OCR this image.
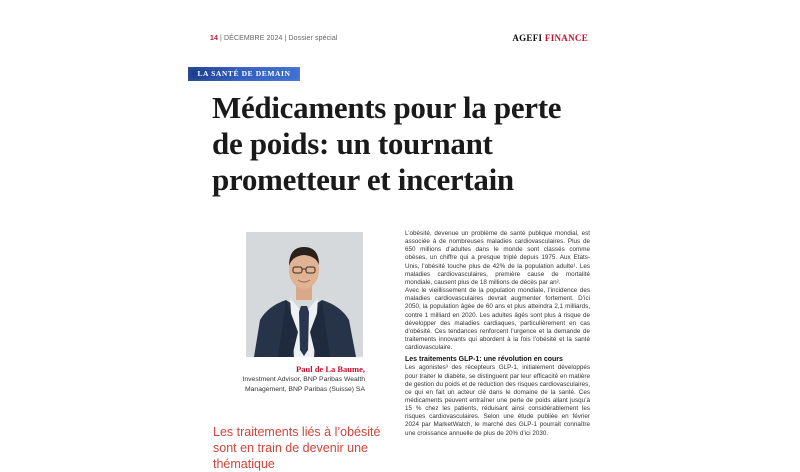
14 | DÉCEMBRE 2024 | Dossier spécial	AGEFI FINANCE
LA SANTÉ DE DEMAIN
Médicaments pour la perte de poids: un tournant prometteur et incertain
Paul de La Baume,
Investment Advisor, BNP Paribas Wealth Management, BNP Paribas (Suisse) SA
Les traitements liés à l’obésité sont en train de devenir une thématique

L’obésité, devenue un problème de santé publique mondial, est associée à de nombreuses maladies cardiovasculaires. Plus de 650 millions d’adultes dans le monde sont classés comme obèses, un chiffre qui a presque triplé depuis 1975. Aux Etats-Unis, l’obésité touche plus de 42% de la population adulte¹. Les maladies cardiovasculaires, première cause de mortalité mondiale, causent plus de 18 millions de décès par an².

Avec le vieillissement de la population mondiale, l’incidence des maladies cardiovasculaires devrait augmenter fortement. D’ici 2050, la population âgée de 60 ans et plus atteindra 2,1 milliards, contre 1 milliard en 2020. Les adultes âgés sont plus à risque de développer des maladies cardiaques, particulièrement en cas d’obésité. Ces tendances renforcent l’urgence et la demande de traitements innovants qui abordent à la fois l’obésité et la santé cardiovasculaire.

Les traitements GLP-1: une révolution en cours

Les agonistes³ des récepteurs GLP-1, initialement développés pour traiter le diabète, se distinguent par leur efficacité en matière de gestion du poids et de réduction des risques cardiovasculaires, ce qui en fait un acteur clé dans le domaine de la santé. Ces médicaments peuvent entraîner une perte de poids allant jusqu’à 15 % chez les patients, réduisant ainsi considérablement les risques cardiovasculaires. Selon une étude publiée en février 2024 par MarketWatch, le marché des GLP-1 pourrait connaître une croissance annuelle de plus de 20% d’ici 2030.
